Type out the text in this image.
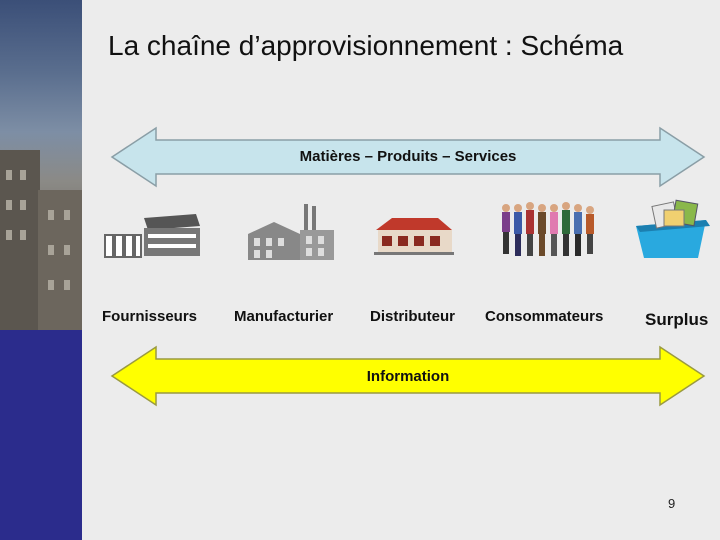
La chaîne d’approvisionnement : Schéma
Matières – Produits – Services
Fournisseurs Manufacturier Distributeur Consommateurs Surplus
Information
9
